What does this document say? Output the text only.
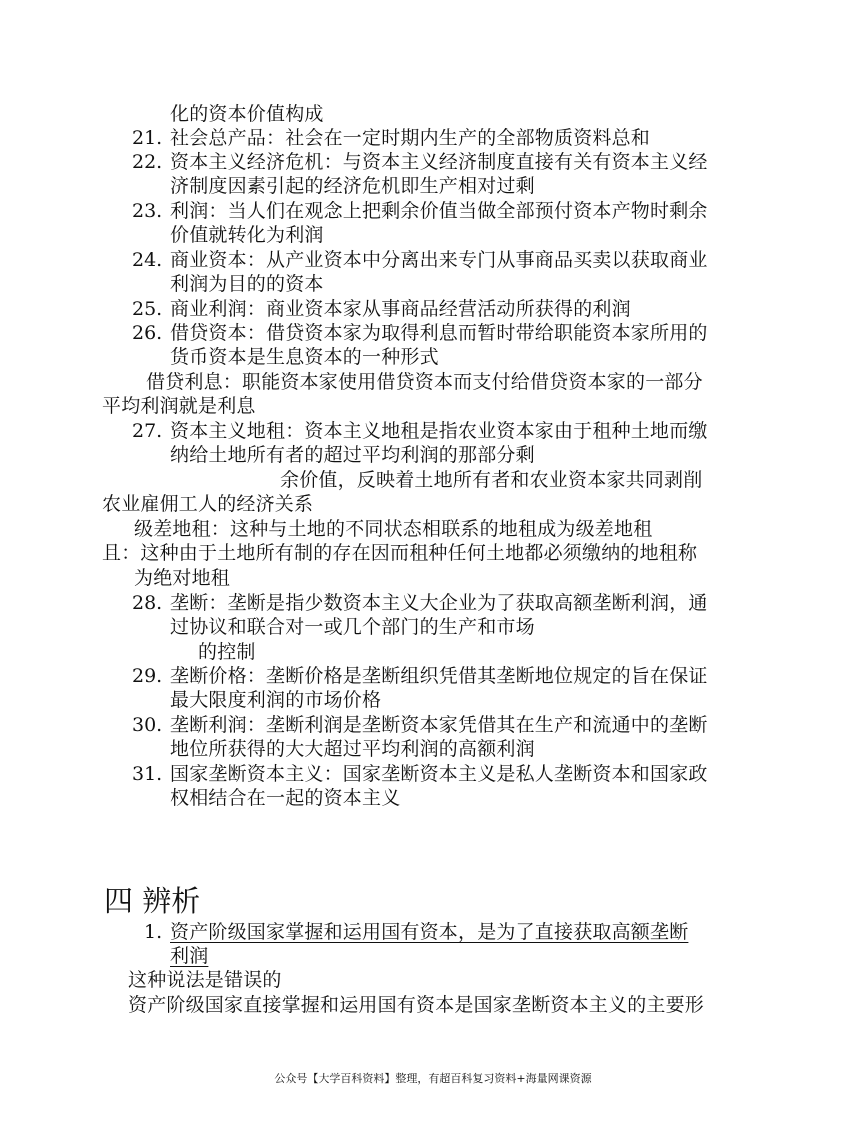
化的资本价值构成
21. 社会总产品：社会在一定时期内生产的全部物质资料总和
22. 资本主义经济危机：与资本主义经济制度直接有关有资本主义经
济制度因素引起的经济危机即生产相对过剩
23. 利润：当人们在观念上把剩余价值当做全部预付资本产物时剩余
价值就转化为利润
24. 商业资本：从产业资本中分离出来专门从事商品买卖以获取商业
利润为目的的资本
25. 商业利润：商业资本家从事商品经营活动所获得的利润
26. 借贷资本：借贷资本家为取得利息而暂时带给职能资本家所用的
货币资本是生息资本的一种形式
借贷利息：职能资本家使用借贷资本而支付给借贷资本家的一部分
平均利润就是利息
27. 资本主义地租：资本主义地租是指农业资本家由于租种土地而缴
纳给土地所有者的超过平均利润的那部分剩
余价值，反映着土地所有者和农业资本家共同剥削
农业雇佣工人的经济关系
级差地租：这种与土地的不同状态相联系的地租成为级差地租
且：这种由于土地所有制的存在因而租种任何土地都必须缴纳的地租称
为绝对地租
28. 垄断：垄断是指少数资本主义大企业为了获取高额垄断利润，通
过协议和联合对一或几个部门的生产和市场
的控制
29. 垄断价格：垄断价格是垄断组织凭借其垄断地位规定的旨在保证
最大限度利润的市场价格
30. 垄断利润：垄断利润是垄断资本家凭借其在生产和流通中的垄断
地位所获得的大大超过平均利润的高额利润
31. 国家垄断资本主义：国家垄断资本主义是私人垄断资本和国家政
权相结合在一起的资本主义
四 辨析
1. 资产阶级国家掌握和运用国有资本，是为了直接获取高额垄断
利润
这种说法是错误的
资产阶级国家直接掌握和运用国有资本是国家垄断资本主义的主要形
公众号【大学百科资料】整理，有超百科复习资料+海量网课资源
